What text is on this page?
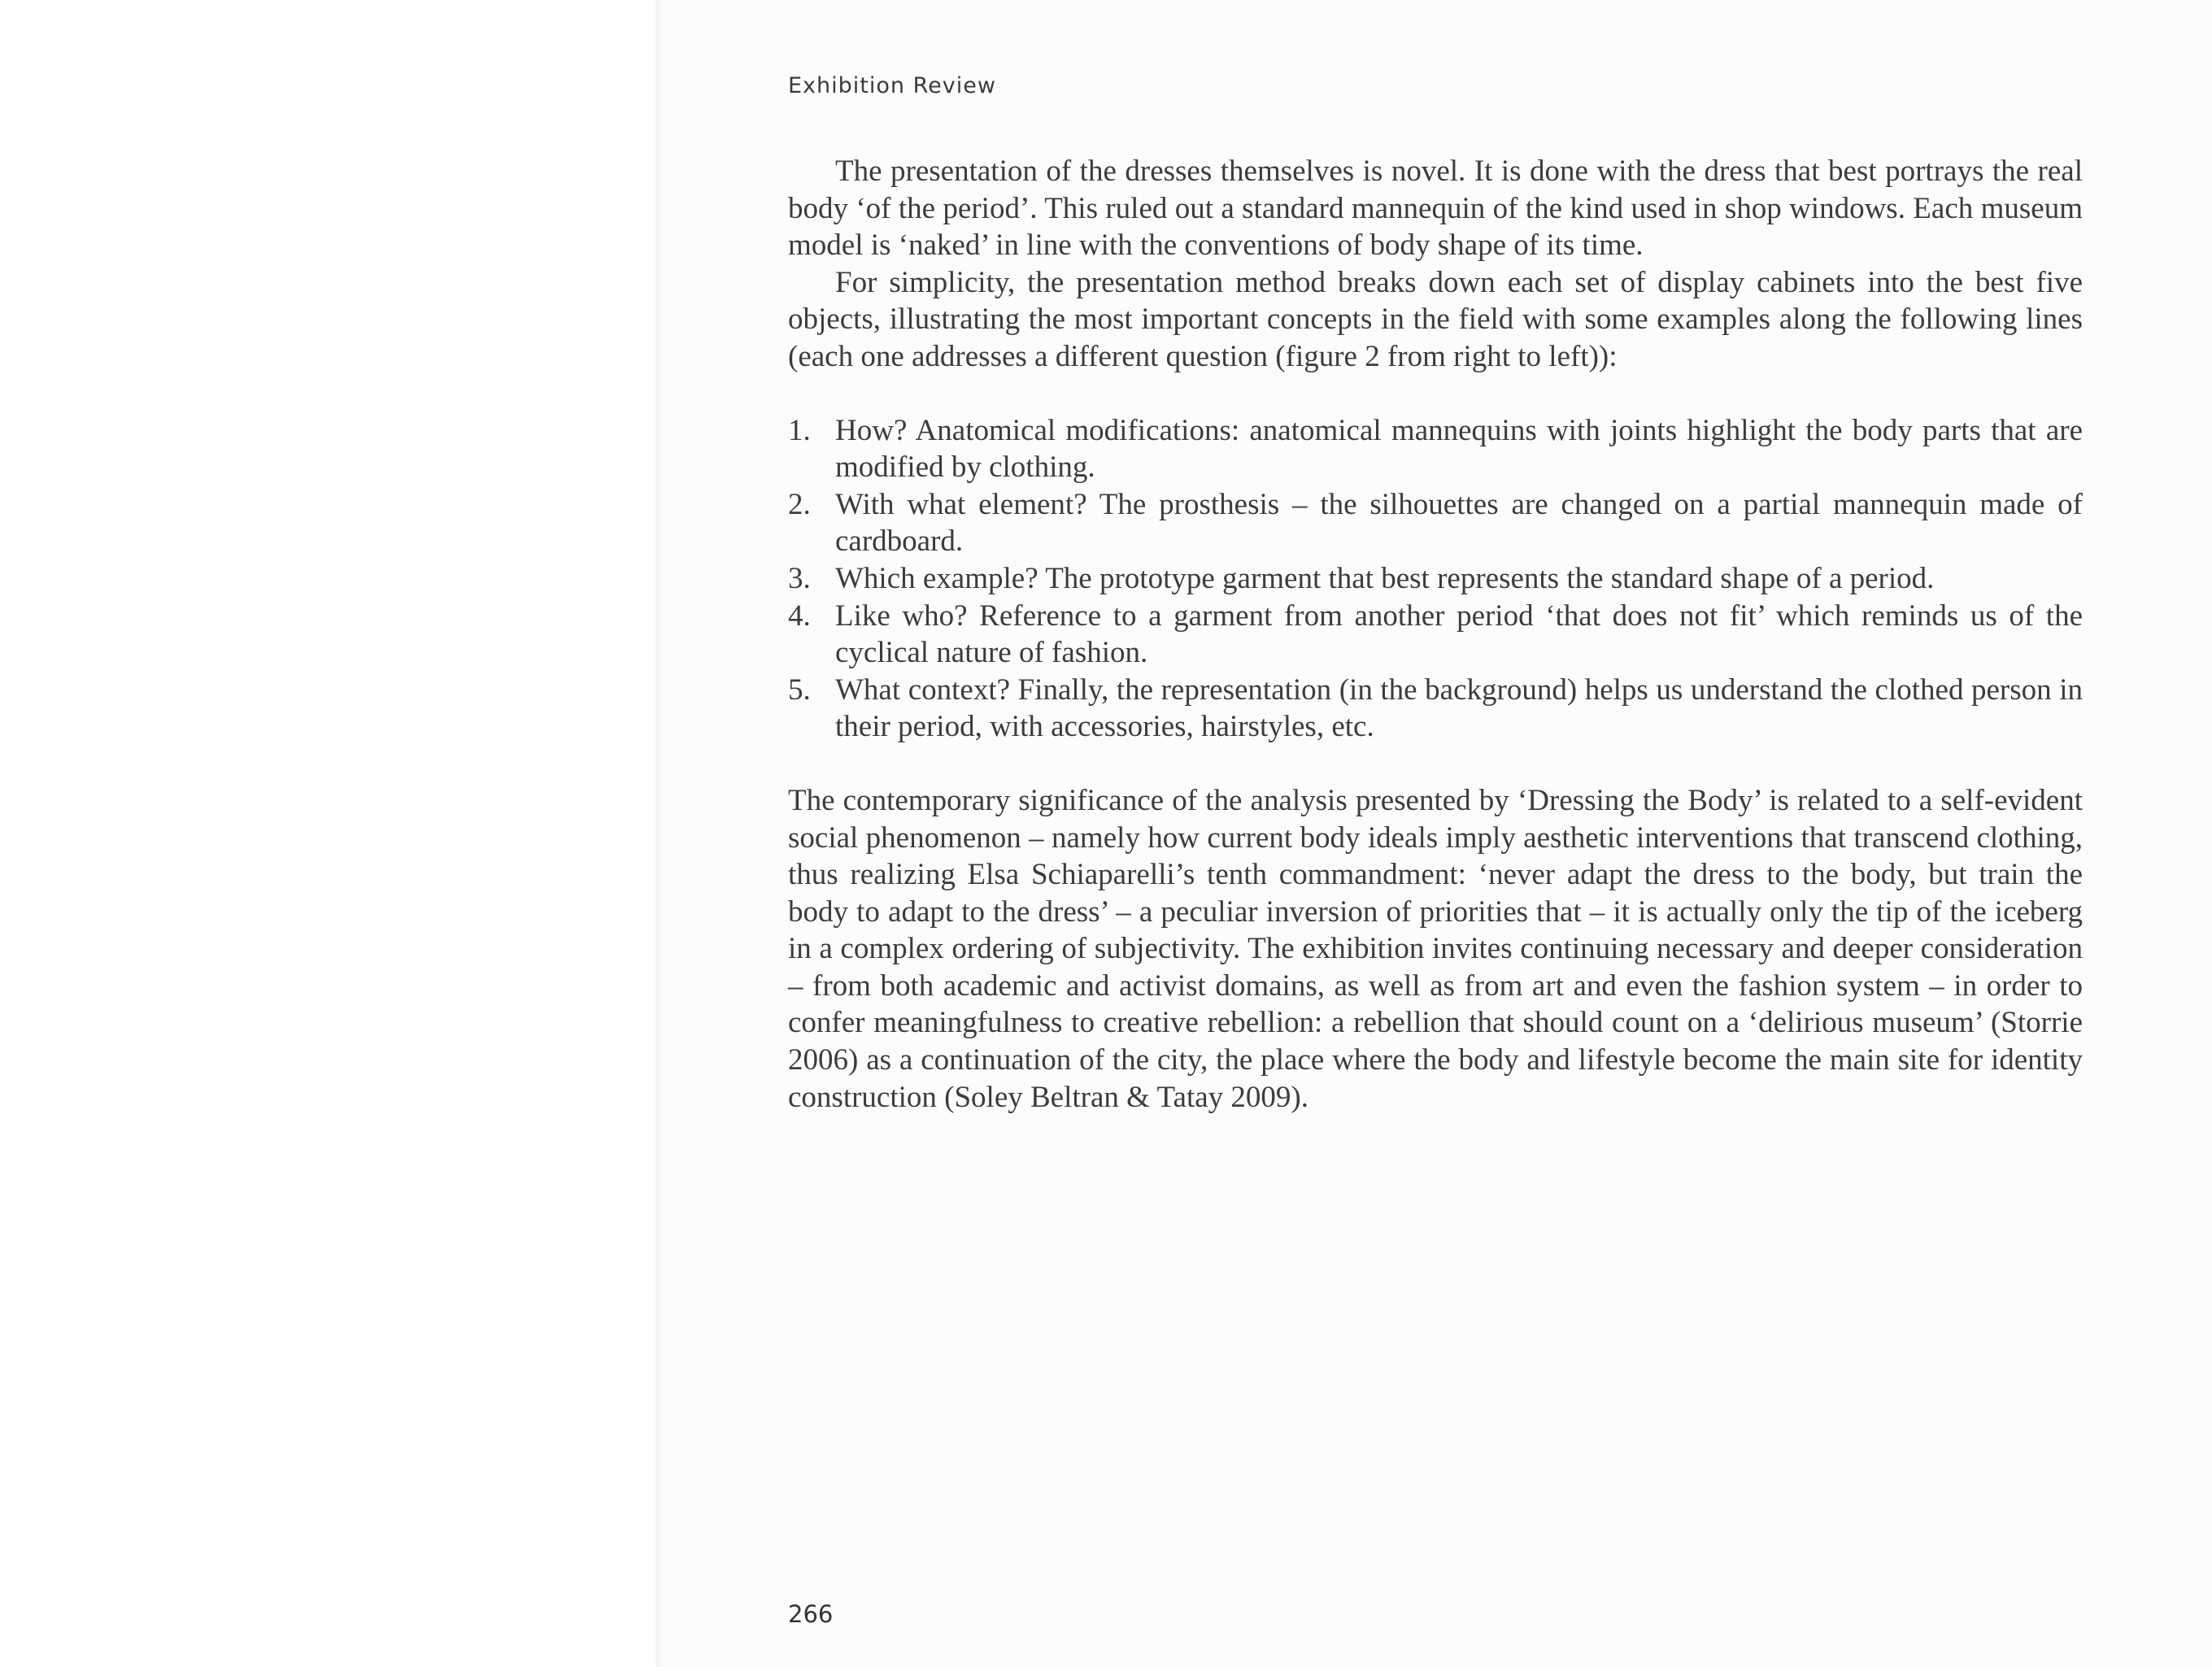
Exhibition Review

The presentation of the dresses themselves is novel. It is done with the dress that best portrays the real body ‘of the period’. This ruled out a standard mannequin of the kind used in shop windows. Each museum model is ‘naked’ in line with the conventions of body shape of its time.

For simplicity, the presentation method breaks down each set of display cabinets into the best five objects, illustrating the most important concepts in the field with some examples along the following lines (each one addresses a different question (figure 2 from right to left)):

1. How? Anatomical modifications: anatomical mannequins with joints highlight the body parts that are modified by clothing.
2. With what element? The prosthesis – the silhouettes are changed on a partial mannequin made of cardboard.
3. Which example? The prototype garment that best represents the standard shape of a period.
4. Like who? Reference to a garment from another period ‘that does not fit’ which reminds us of the cyclical nature of fashion.
5. What context? Finally, the representation (in the background) helps us understand the clothed person in their period, with accessories, hairstyles, etc.

The contemporary significance of the analysis presented by ‘Dressing the Body’ is related to a self-evident social phenomenon – namely how current body ideals imply aesthetic interventions that transcend clothing, thus realizing Elsa Schiaparelli’s tenth commandment: ‘never adapt the dress to the body, but train the body to adapt to the dress’ – a peculiar inversion of priorities that – it is actually only the tip of the iceberg in a complex ordering of subjectivity. The exhibition invites continuing necessary and deeper consideration – from both academic and activist domains, as well as from art and even the fashion system – in order to confer meaningfulness to creative rebellion: a rebellion that should count on a ‘delirious museum’ (Storrie 2006) as a continuation of the city, the place where the body and lifestyle become the main site for identity construction (Soley Beltran & Tatay 2009).

266
